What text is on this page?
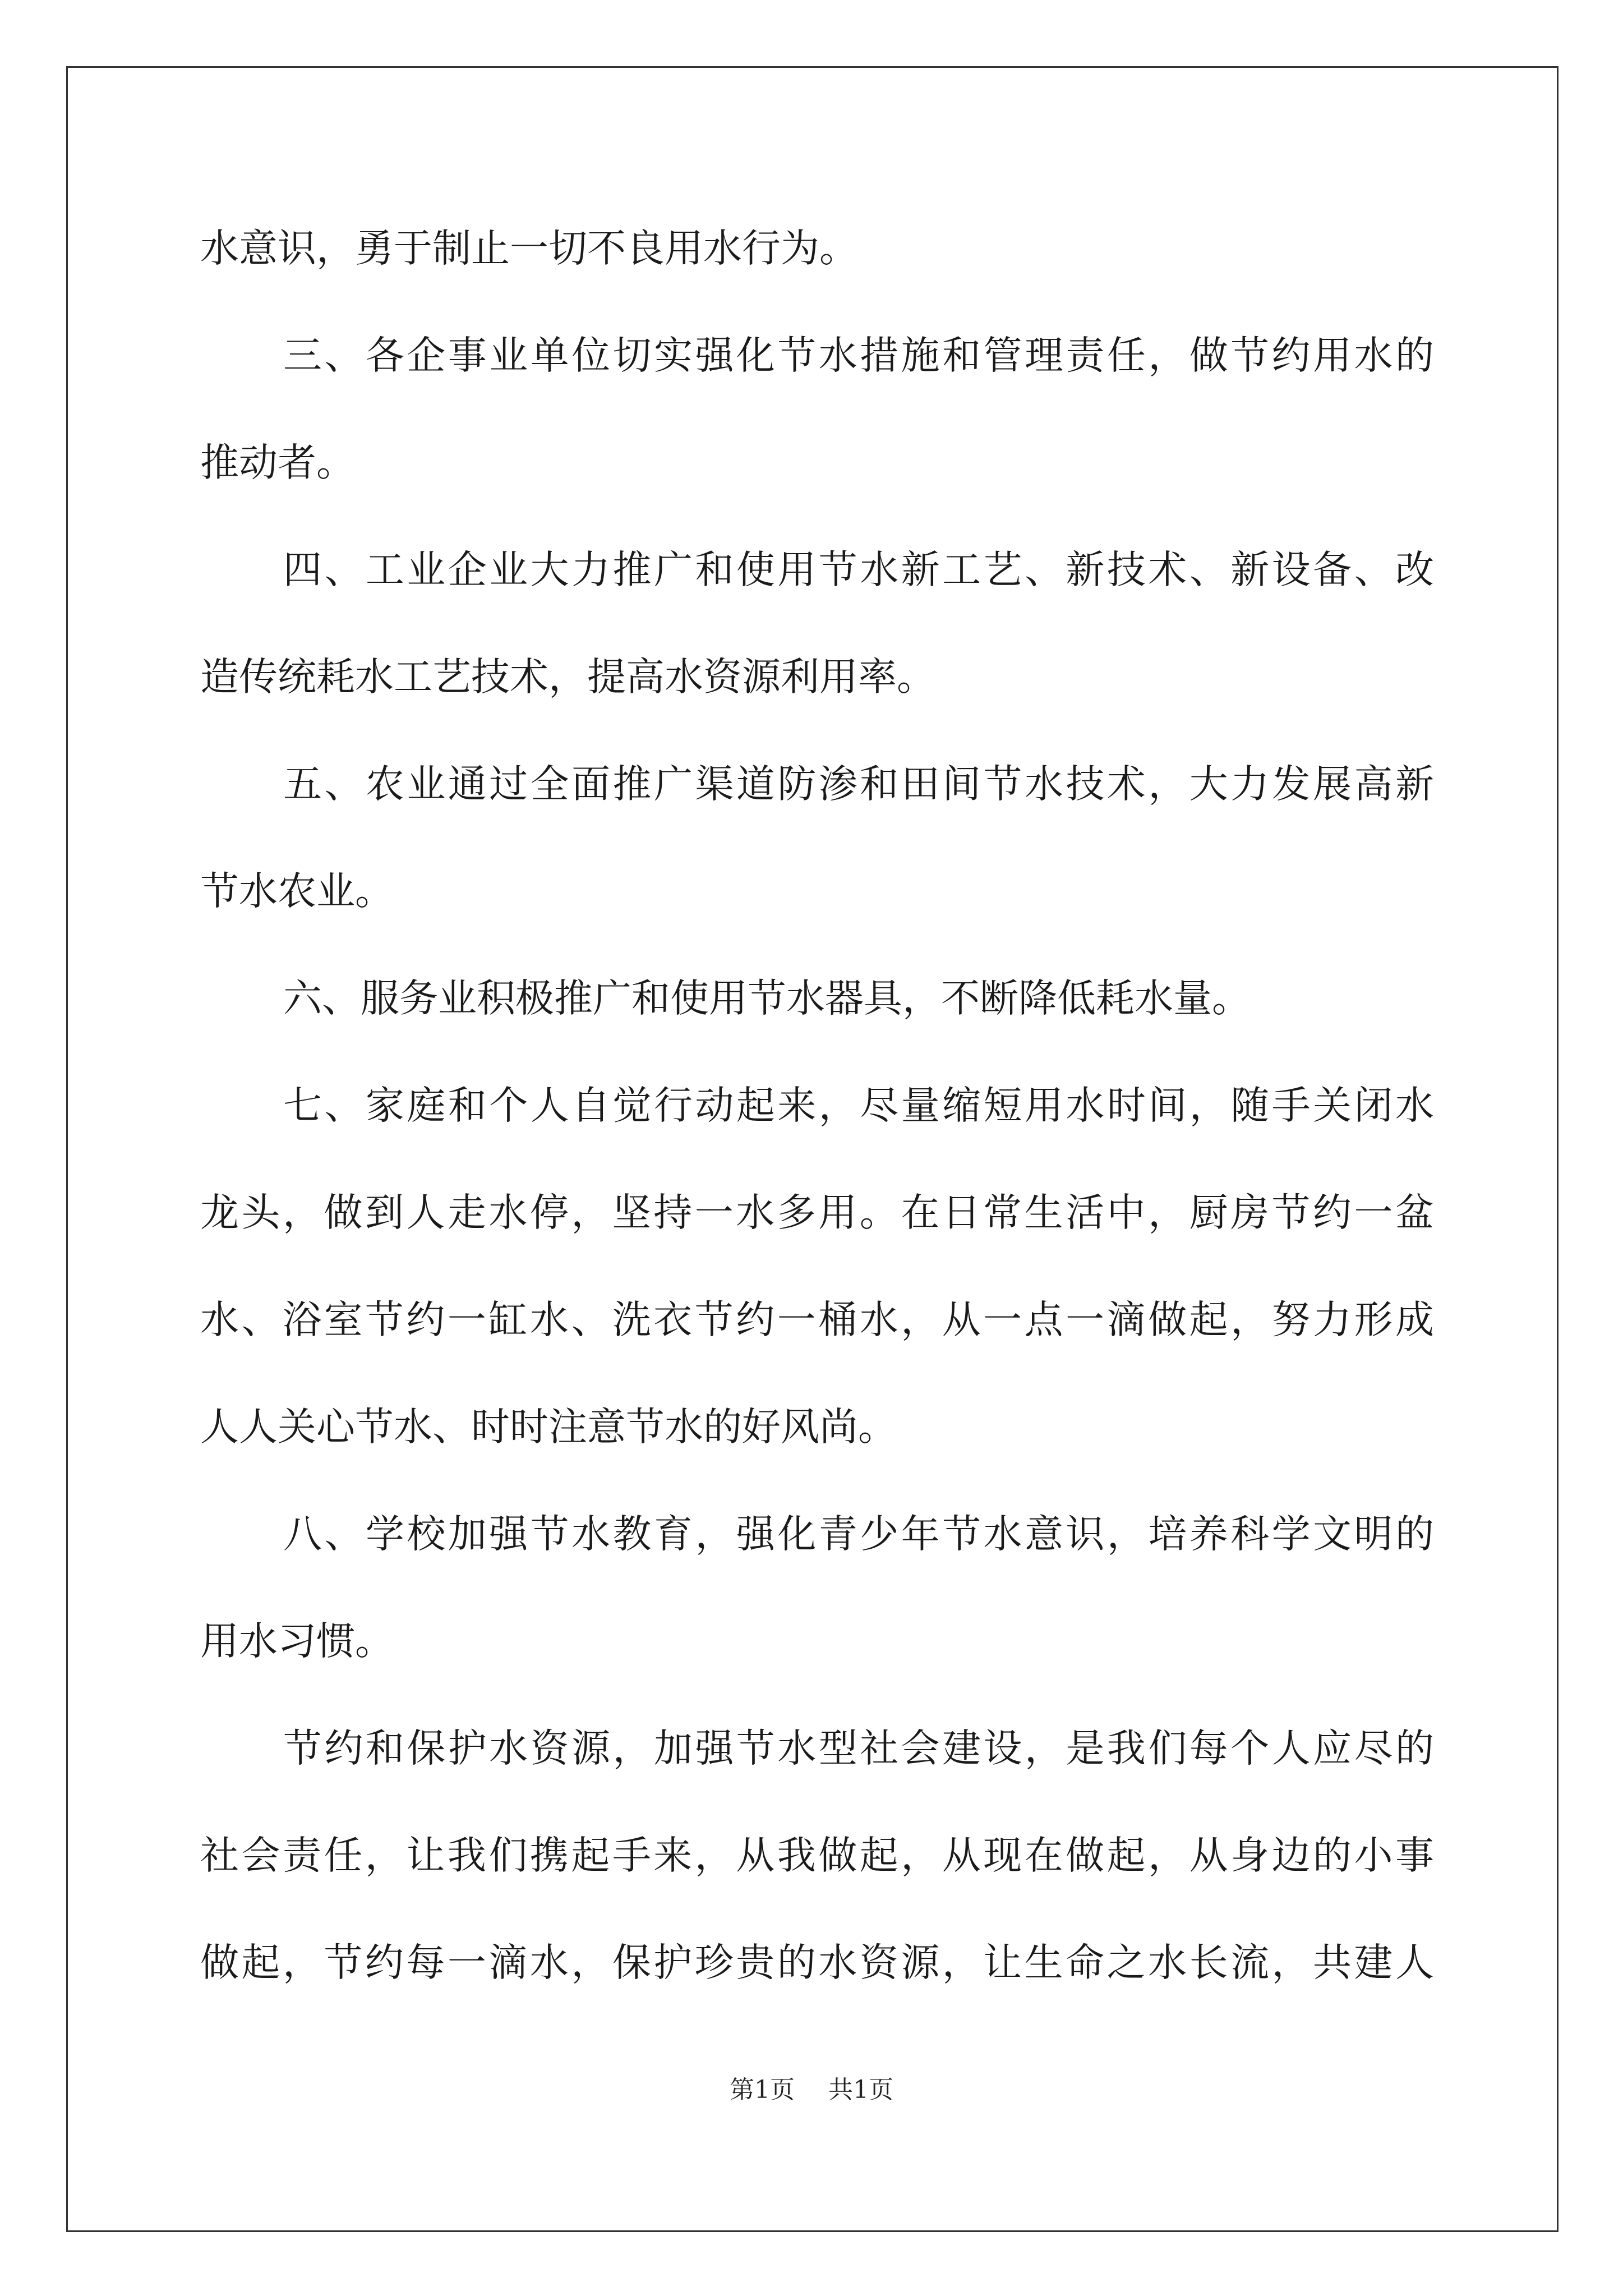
水意识，勇于制止一切不良用水行为。
三、各企事业单位切实强化节水措施和管理责任，做节约用水的
推动者。
四、工业企业大力推广和使用节水新工艺、新技术、新设备、改
造传统耗水工艺技术，提高水资源利用率。
五、农业通过全面推广渠道防渗和田间节水技术，大力发展高新
节水农业。
六、服务业积极推广和使用节水器具，不断降低耗水量。
七、家庭和个人自觉行动起来，尽量缩短用水时间，随手关闭水
龙头，做到人走水停，坚持一水多用。在日常生活中，厨房节约一盆
水、浴室节约一缸水、洗衣节约一桶水，从一点一滴做起，努力形成
人人关心节水、时时注意节水的好风尚。
八、学校加强节水教育，强化青少年节水意识，培养科学文明的
用水习惯。
节约和保护水资源，加强节水型社会建设，是我们每个人应尽的
社会责任，让我们携起手来，从我做起，从现在做起，从身边的小事
做起，节约每一滴水，保护珍贵的水资源，让生命之水长流，共建人
第1页 共1页
